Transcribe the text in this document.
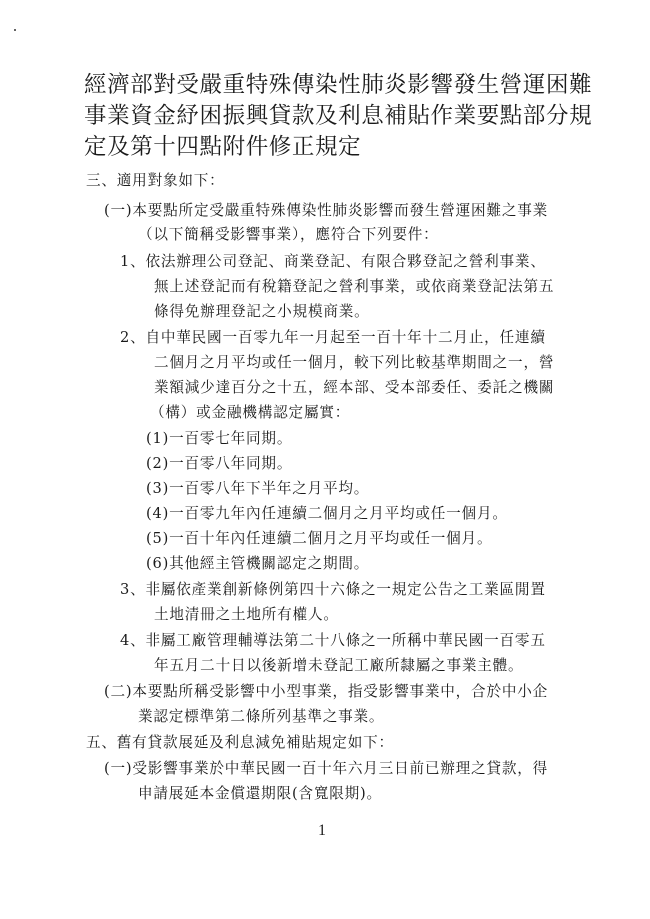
經濟部對受嚴重特殊傳染性肺炎影響發生營運困難事業資金紓困振興貸款及利息補貼作業要點部分規定及第十四點附件修正規定
三、適用對象如下：
(一)本要點所定受嚴重特殊傳染性肺炎影響而發生營運困難之事業
（以下簡稱受影響事業），應符合下列要件：
1、依法辦理公司登記、商業登記、有限合夥登記之營利事業、
無上述登記而有稅籍登記之營利事業，或依商業登記法第五
條得免辦理登記之小規模商業。
2、自中華民國一百零九年一月起至一百十年十二月止，任連續
二個月之月平均或任一個月，較下列比較基準期間之一，營
業額減少達百分之十五，經本部、受本部委任、委託之機關
（構）或金融機構認定屬實：
(1)一百零七年同期。
(2)一百零八年同期。
(3)一百零八年下半年之月平均。
(4)一百零九年內任連續二個月之月平均或任一個月。
(5)一百十年內任連續二個月之月平均或任一個月。
(6)其他經主管機關認定之期間。
3、非屬依產業創新條例第四十六條之一規定公告之工業區閒置
土地清冊之土地所有權人。
4、非屬工廠管理輔導法第二十八條之一所稱中華民國一百零五
年五月二十日以後新增未登記工廠所隸屬之事業主體。
(二)本要點所稱受影響中小型事業，指受影響事業中，合於中小企
業認定標準第二條所列基準之事業。
五、舊有貸款展延及利息減免補貼規定如下：
(一)受影響事業於中華民國一百十年六月三日前已辦理之貸款，得
申請展延本金償還期限(含寬限期)。
1
